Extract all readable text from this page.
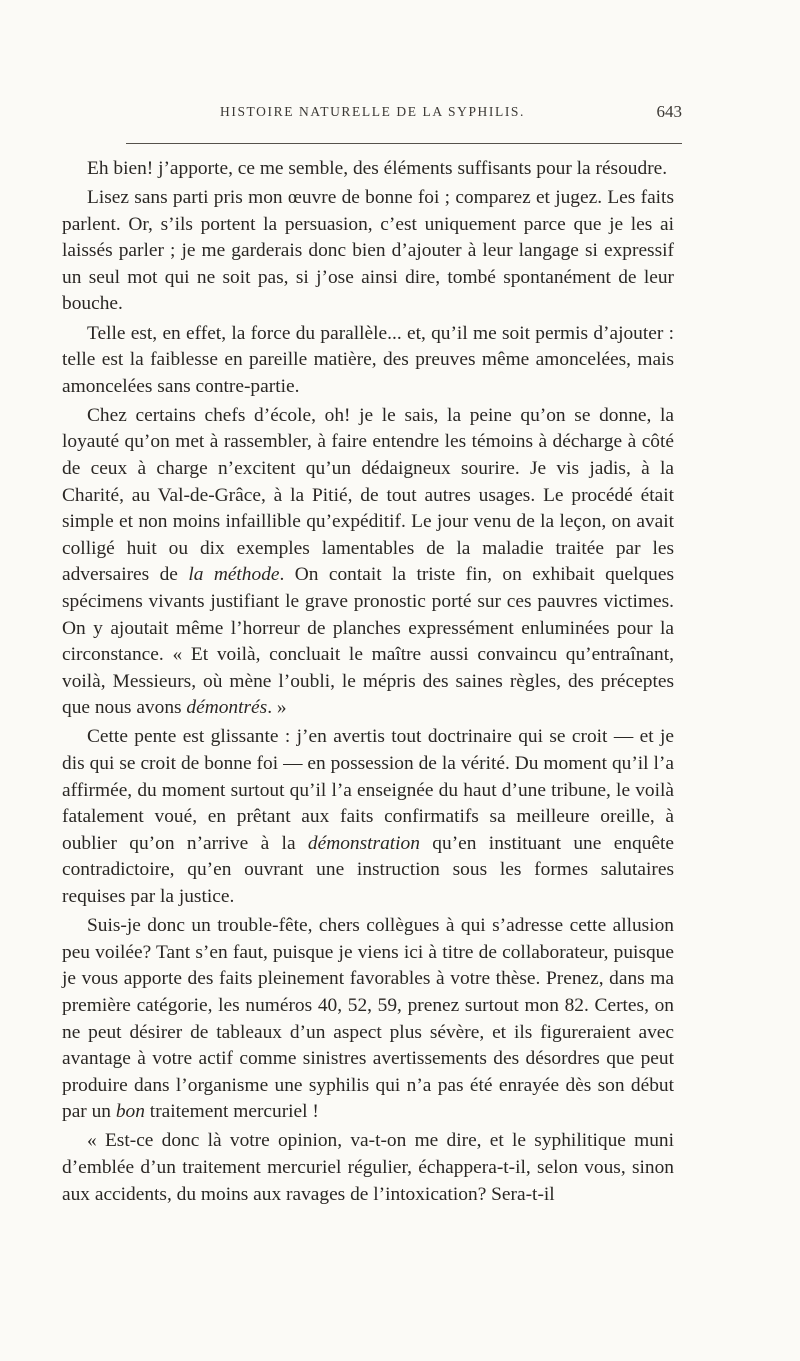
HISTOIRE NATURELLE DE LA SYPHILIS.	643

Eh bien! j’apporte, ce me semble, des éléments suffisants pour la résoudre.

Lisez sans parti pris mon œuvre de bonne foi ; comparez et jugez. Les faits parlent. Or, s’ils portent la persuasion, c’est uniquement parce que je les ai laissés parler ; je me garderais donc bien d’ajouter à leur langage si expressif un seul mot qui ne soit pas, si j’ose ainsi dire, tombé spontanément de leur bouche.

Telle est, en effet, la force du parallèle... et, qu’il me soit permis d’ajouter : telle est la faiblesse en pareille matière, des preuves même amoncelées, mais amoncelées sans contre-partie.

Chez certains chefs d’école, oh! je le sais, la peine qu’on se donne, la loyauté qu’on met à rassembler, à faire entendre les témoins à décharge à côté de ceux à charge n’excitent qu’un dédaigneux sourire. Je vis jadis, à la Charité, au Val-de-Grâce, à la Pitié, de tout autres usages. Le procédé était simple et non moins infaillible qu’expéditif. Le jour venu de la leçon, on avait colligé huit ou dix exemples lamentables de la maladie traitée par les adversaires de la méthode. On contait la triste fin, on exhibait quelques spécimens vivants justifiant le grave pronostic porté sur ces pauvres victimes. On y ajoutait même l’horreur de planches expressément enluminées pour la circonstance. « Et voilà, concluait le maître aussi convaincu qu’entraînant, voilà, Messieurs, où mène l’oubli, le mépris des saines règles, des préceptes que nous avons démontrés. »

Cette pente est glissante : j’en avertis tout doctrinaire qui se croit — et je dis qui se croit de bonne foi — en possession de la vérité. Du moment qu’il l’a affirmée, du moment surtout qu’il l’a enseignée du haut d’une tribune, le voilà fatalement voué, en prêtant aux faits confirmatifs sa meilleure oreille, à oublier qu’on n’arrive à la démonstration qu’en instituant une enquête contradictoire, qu’en ouvrant une instruction sous les formes salutaires requises par la justice.

Suis-je donc un trouble-fête, chers collègues à qui s’adresse cette allusion peu voilée? Tant s’en faut, puisque je viens ici à titre de collaborateur, puisque je vous apporte des faits pleinement favorables à votre thèse. Prenez, dans ma première catégorie, les numéros 40, 52, 59, prenez surtout mon 82. Certes, on ne peut désirer de tableaux d’un aspect plus sévère, et ils figureraient avec avantage à votre actif comme sinistres avertissements des désordres que peut produire dans l’organisme une syphilis qui n’a pas été enrayée dès son début par un bon traitement mercuriel !

« Est-ce donc là votre opinion, va-t-on me dire, et le syphilitique muni d’emblée d’un traitement mercuriel régulier, échappera-t-il, selon vous, sinon aux accidents, du moins aux ravages de l’intoxication? Sera-t-il
